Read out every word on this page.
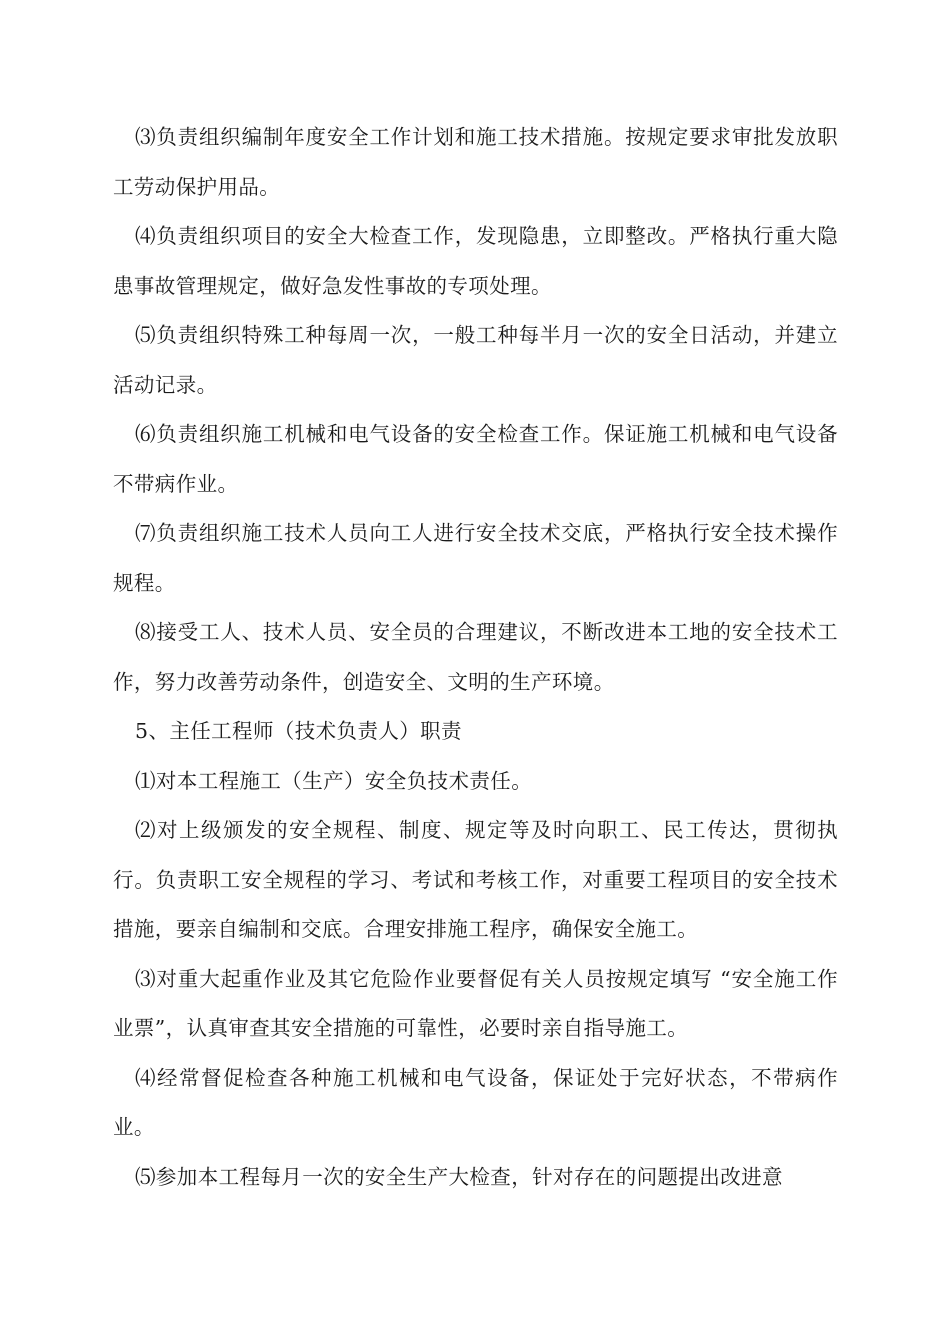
⑶负责组织编制年度安全工作计划和施工技术措施。按规定要求审批发放职工劳动保护用品。

⑷负责组织项目的安全大检查工作，发现隐患，立即整改。严格执行重大隐患事故管理规定，做好急发性事故的专项处理。

⑸负责组织特殊工种每周一次，一般工种每半月一次的安全日活动，并建立活动记录。

⑹负责组织施工机械和电气设备的安全检查工作。保证施工机械和电气设备不带病作业。

⑺负责组织施工技术人员向工人进行安全技术交底，严格执行安全技术操作规程。

⑻接受工人、技术人员、安全员的合理建议，不断改进本工地的安全技术工作，努力改善劳动条件，创造安全、文明的生产环境。

5、主任工程师（技术负责人）职责

⑴对本工程施工（生产）安全负技术责任。

⑵对上级颁发的安全规程、制度、规定等及时向职工、民工传达，贯彻执行。负责职工安全规程的学习、考试和考核工作，对重要工程项目的安全技术措施，要亲自编制和交底。合理安排施工程序，确保安全施工。

⑶对重大起重作业及其它危险作业要督促有关人员按规定填写 “安全施工作业票”，认真审查其安全措施的可靠性，必要时亲自指导施工。

⑷经常督促检查各种施工机械和电气设备，保证处于完好状态，不带病作业。

⑸参加本工程每月一次的安全生产大检查，针对存在的问题提出改进意
